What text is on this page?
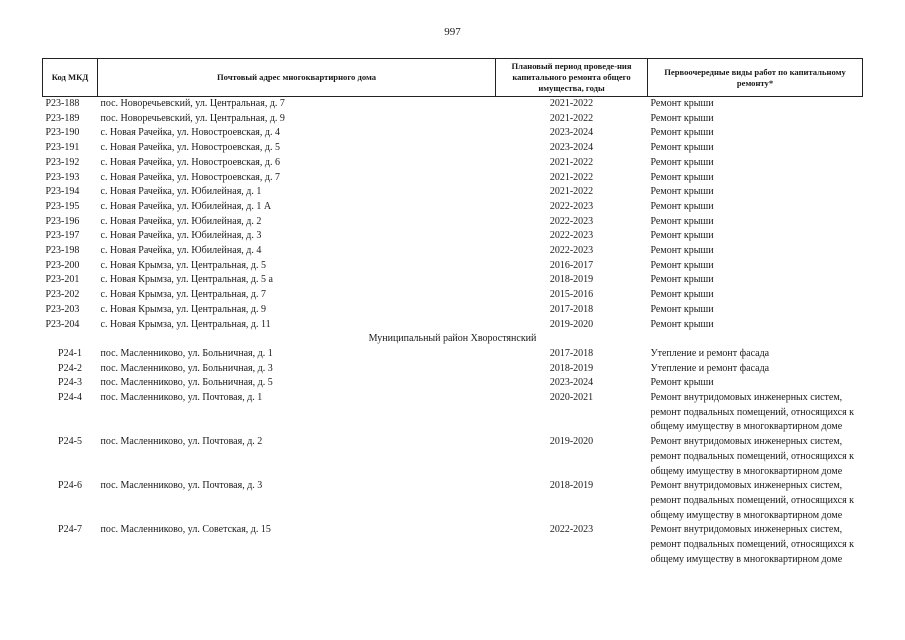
997
Код МКД	Почтовый адрес многоквартирного дома	Плановый период проведе-ния капитального ремонта общего имущества, годы	Первоочередные виды работ по капитальному ремонту*
Р23-188	пос. Новоречьевский, ул. Центральная, д. 7	2021-2022	Ремонт крыши

Р23-189	пос. Новоречьевский, ул. Центральная, д. 9	2021-2022	Ремонт крыши

Р23-190	с. Новая Рачейка, ул. Новостроевская, д. 4	2023-2024	Ремонт крыши

Р23-191	с. Новая Рачейка, ул. Новостроевская, д. 5	2023-2024	Ремонт крыши

Р23-192	с. Новая Рачейка, ул. Новостроевская, д. 6	2021-2022	Ремонт крыши

Р23-193	с. Новая Рачейка, ул. Новостроевская, д. 7	2021-2022	Ремонт крыши

Р23-194	с. Новая Рачейка, ул. Юбилейная, д. 1	2021-2022	Ремонт крыши

Р23-195	с. Новая Рачейка, ул. Юбилейная, д. 1 А	2022-2023	Ремонт крыши

Р23-196	с. Новая Рачейка, ул. Юбилейная, д. 2	2022-2023	Ремонт крыши

Р23-197	с. Новая Рачейка, ул. Юбилейная, д. 3	2022-2023	Ремонт крыши

Р23-198	с. Новая Рачейка, ул. Юбилейная, д. 4	2022-2023	Ремонт крыши

Р23-200	с. Новая Крымза, ул. Центральная, д. 5	2016-2017	Ремонт крыши

Р23-201	с. Новая Крымза, ул. Центральная, д. 5 а	2018-2019	Ремонт крыши

Р23-202	с. Новая Крымза, ул. Центральная, д. 7	2015-2016	Ремонт крыши

Р23-203	с. Новая Крымза, ул. Центральная, д. 9	2017-2018	Ремонт крыши

Р23-204	с. Новая Крымза, ул. Центральная, д. 11	2019-2020	Ремонт крыши

Муниципальный район Хворостянский			
Р24-1	пос. Масленниково, ул. Больничная, д. 1	2017-2018	Утепление и ремонт фасада

Р24-2	пос. Масленниково, ул. Больничная, д. 3	2018-2019	Утепление и ремонт фасада

Р24-3	пос. Масленниково, ул. Больничная, д. 5	2023-2024	Ремонт крыши

Р24-4	пос. Масленниково, ул. Почтовая, д. 1	2020-2021	Ремонт внутридомовых инженерных систем,
ремонт подвальных помещений, относящихся к
общему имуществу в многоквартирном доме

Р24-5	пос. Масленниково, ул. Почтовая, д. 2	2019-2020	Ремонт внутридомовых инженерных систем,
ремонт подвальных помещений, относящихся к
общему имуществу в многоквартирном доме

Р24-6	пос. Масленниково, ул. Почтовая, д. 3	2018-2019	Ремонт внутридомовых инженерных систем,
ремонт подвальных помещений, относящихся к
общему имуществу в многоквартирном доме

Р24-7	пос. Масленниково, ул. Советская, д. 15	2022-2023	Ремонт внутридомовых инженерных систем,
ремонт подвальных помещений, относящихся к
общему имуществу в многоквартирном доме
